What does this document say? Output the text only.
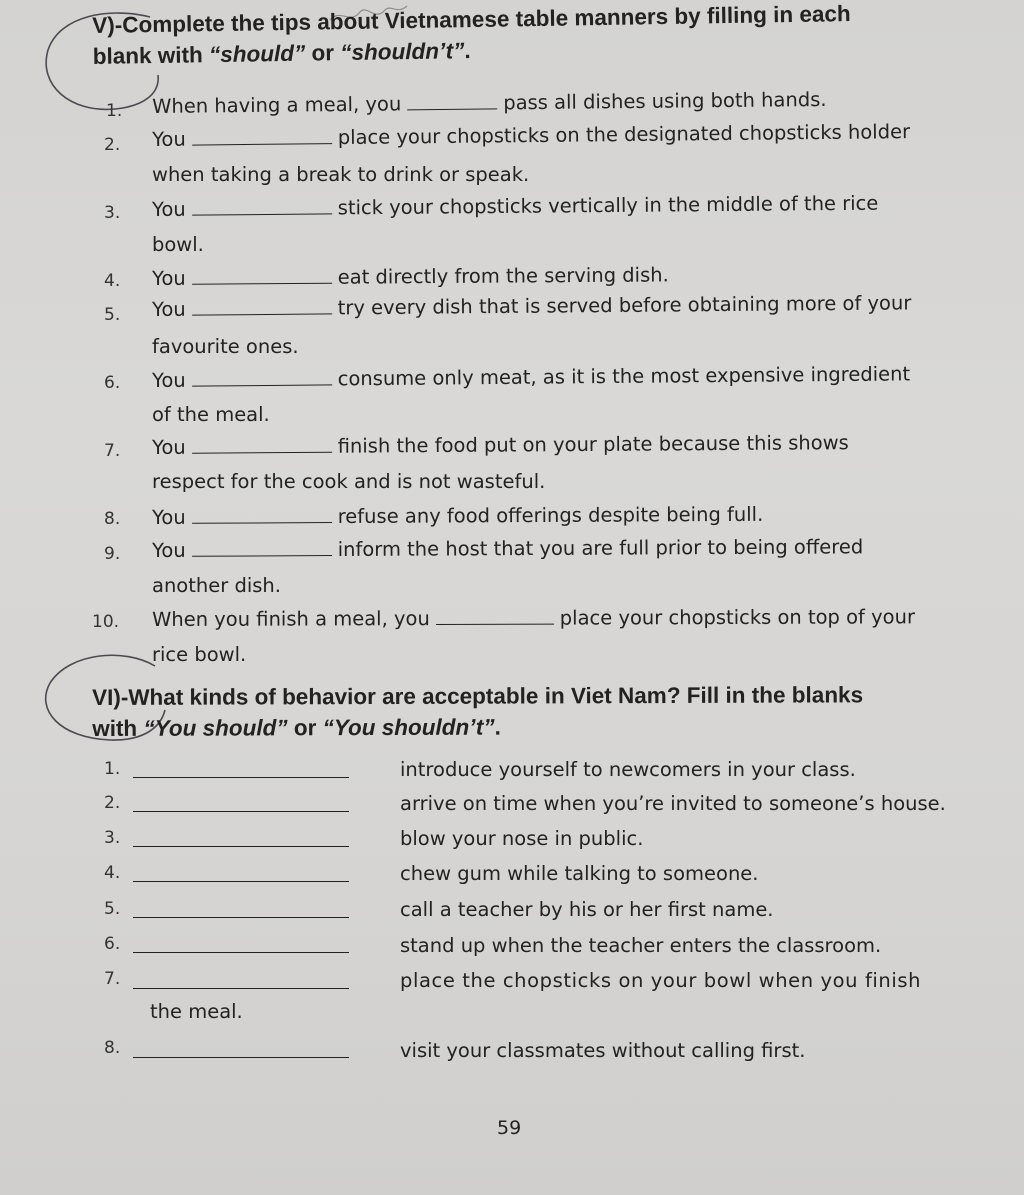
V)-Complete the tips about Vietnamese table manners by filling in each
blank with “should” or “shouldn’t”.
1. When having a meal, you	pass all dishes using both hands.
2. You	place your chopsticks on the designated chopsticks holder
when taking a break to drink or speak.
3. You	stick your chopsticks vertically in the middle of the rice
bowl.
4. You	eat directly from the serving dish.
5. You	try every dish that is served before obtaining more of your
favourite ones.
6. You	consume only meat, as it is the most expensive ingredient
of the meal.
7. You	finish the food put on your plate because this shows
respect for the cook and is not wasteful.
8. You	refuse any food offerings despite being full.
9. You	inform the host that you are full prior to being offered
another dish.
10. When you finish a meal, you	place your chopsticks on top of your
rice bowl.
VI)-What kinds of behavior are acceptable in Viet Nam? Fill in the blanks
with “You should” or “You shouldn’t”.
1.	introduce yourself to newcomers in your class.
2.	arrive on time when you’re invited to someone’s house.
3.	blow your nose in public.
4.	chew gum while talking to someone.
5.	call a teacher by his or her first name.
6.	stand up when the teacher enters the classroom.
7.	place the chopsticks on your bowl when you finish
the meal.
8.	visit your classmates without calling first.
59
